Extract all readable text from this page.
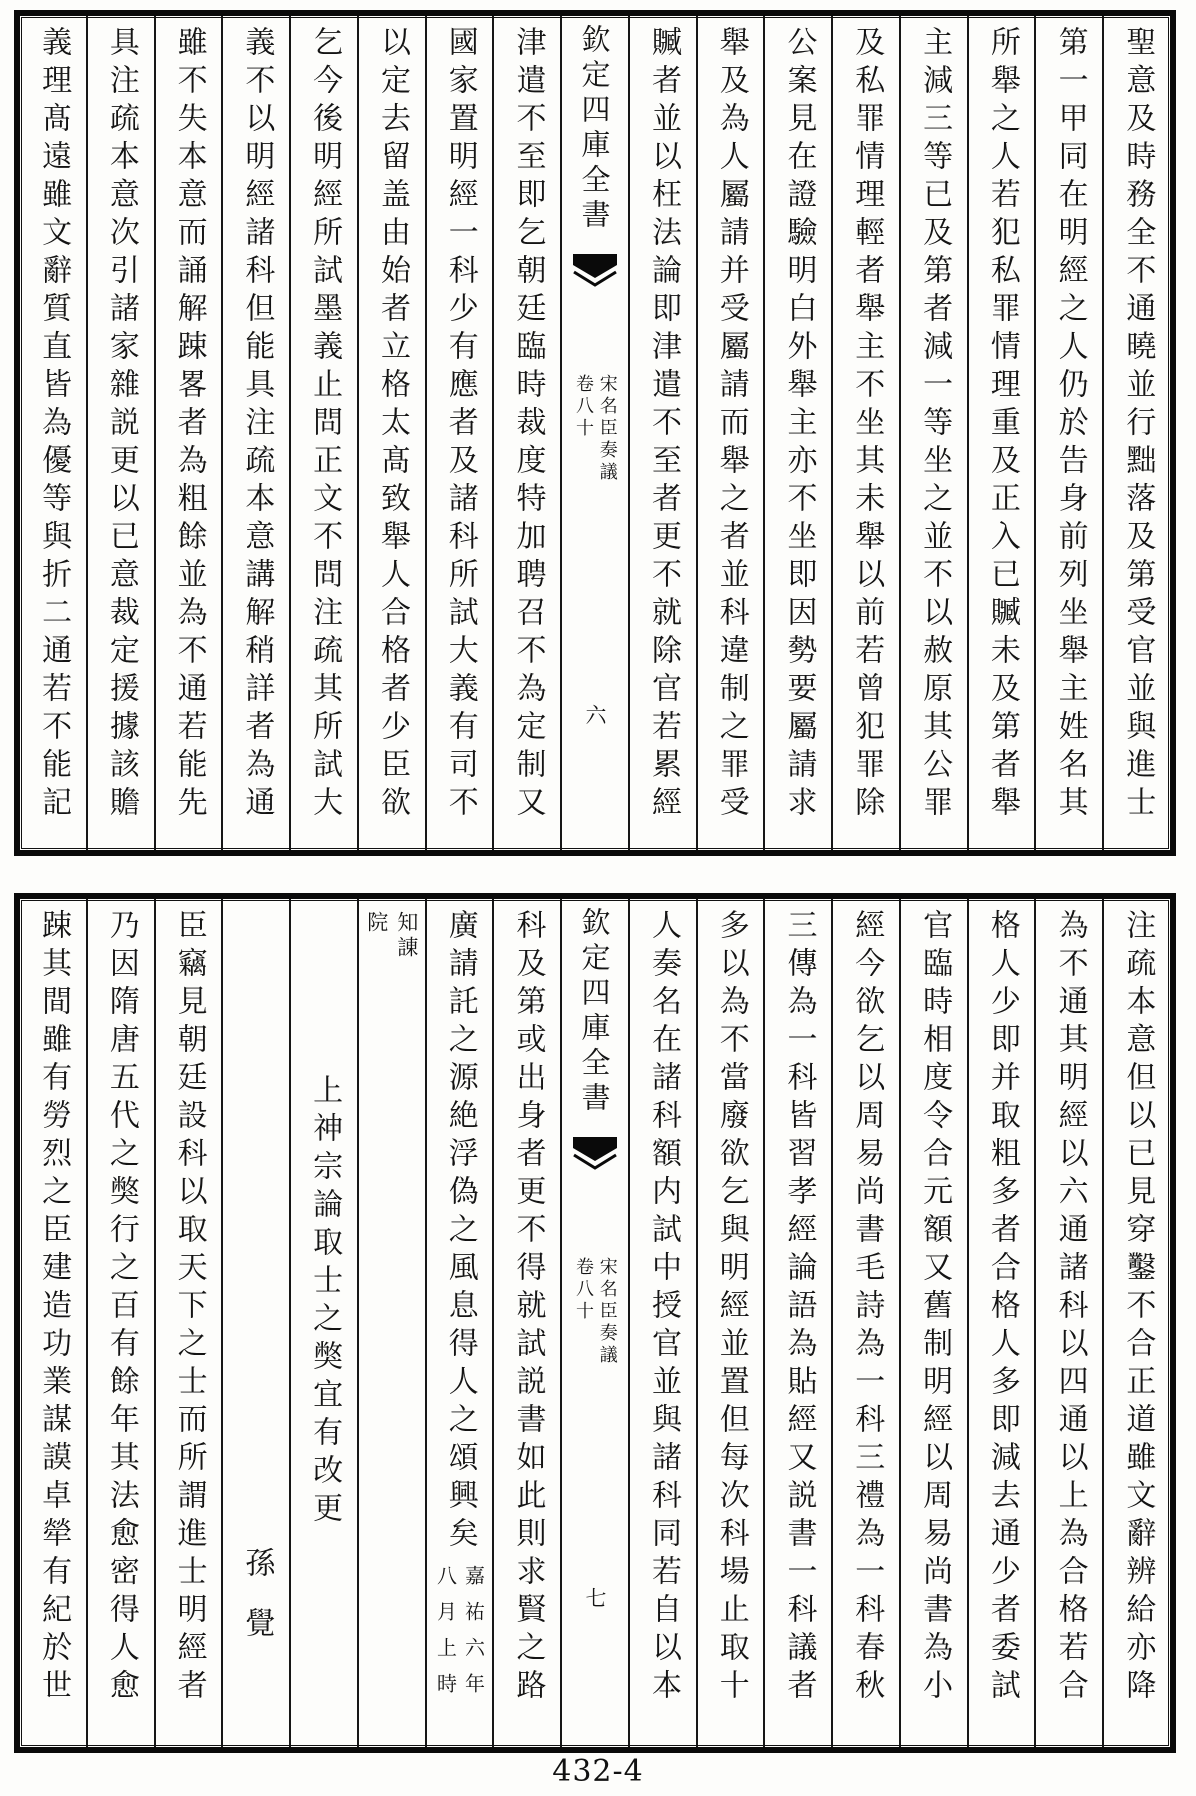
聖意及時務全不通曉並行黜落及第受官並與進士
第一甲同在明經之人仍於告身前列坐舉主姓名其
所舉之人若犯私罪情理重及正入已贓未及第者舉
主減三等已及第者減一等坐之並不以赦原其公罪
及私罪情理輕者舉主不坐其未舉以前若曾犯罪除
公案見在證驗明白外舉主亦不坐即因勢要屬請求
舉及為人屬請并受屬請而舉之者並科違制之罪受
贓者並以枉法論即津遣不至者更不就除官若累經
欽定四庫全書
宋名臣奏議
卷八十
六
津遣不至即乞朝廷臨時裁度特加聘召不為定制又
國家置明經一科少有應者及諸科所試大義有司不
以定去留盖由始者立格太髙致舉人合格者少臣欲
乞今後明經所試墨義止問正文不問注疏其所試大
義不以明經諸科但能具注疏本意講解稍詳者為通
雖不失本意而誦解踈畧者為粗餘並為不通若能先
具注疏本意次引諸家雜説更以已意裁定援據該贍
義理髙遠雖文辭質直皆為優等與折二通若不能記
注疏本意但以已見穿鑿不合正道雖文辭辨給亦降
為不通其明經以六通諸科以四通以上為合格若合
格人少即并取粗多者合格人多即減去通少者委試
官臨時相度令合元額又舊制明經以周易尚書為小
經今欲乞以周易尚書毛詩為一科三禮為一科春秋
三傳為一科皆習孝經論語為貼經又説書一科議者
多以為不當廢欲乞與明經並置但每次科場止取十
人奏名在諸科額内試中授官並與諸科同若自以本
欽定四庫全書
宋名臣奏議
卷八十
七
科及第或出身者更不得就試説書如此則求賢之路
廣請託之源絶浮偽之風息得人之頌興矣
嘉祐六年
八月上時
知諌
院
上神宗論取士之獘宜有改更
孫覺
臣竊見朝廷設科以取天下之士而所謂進士明經者
乃因隋唐五代之獘行之百有餘年其法愈密得人愈
踈其間雖有勞烈之臣建造功業謀謨卓犖有紀於世
432-4
